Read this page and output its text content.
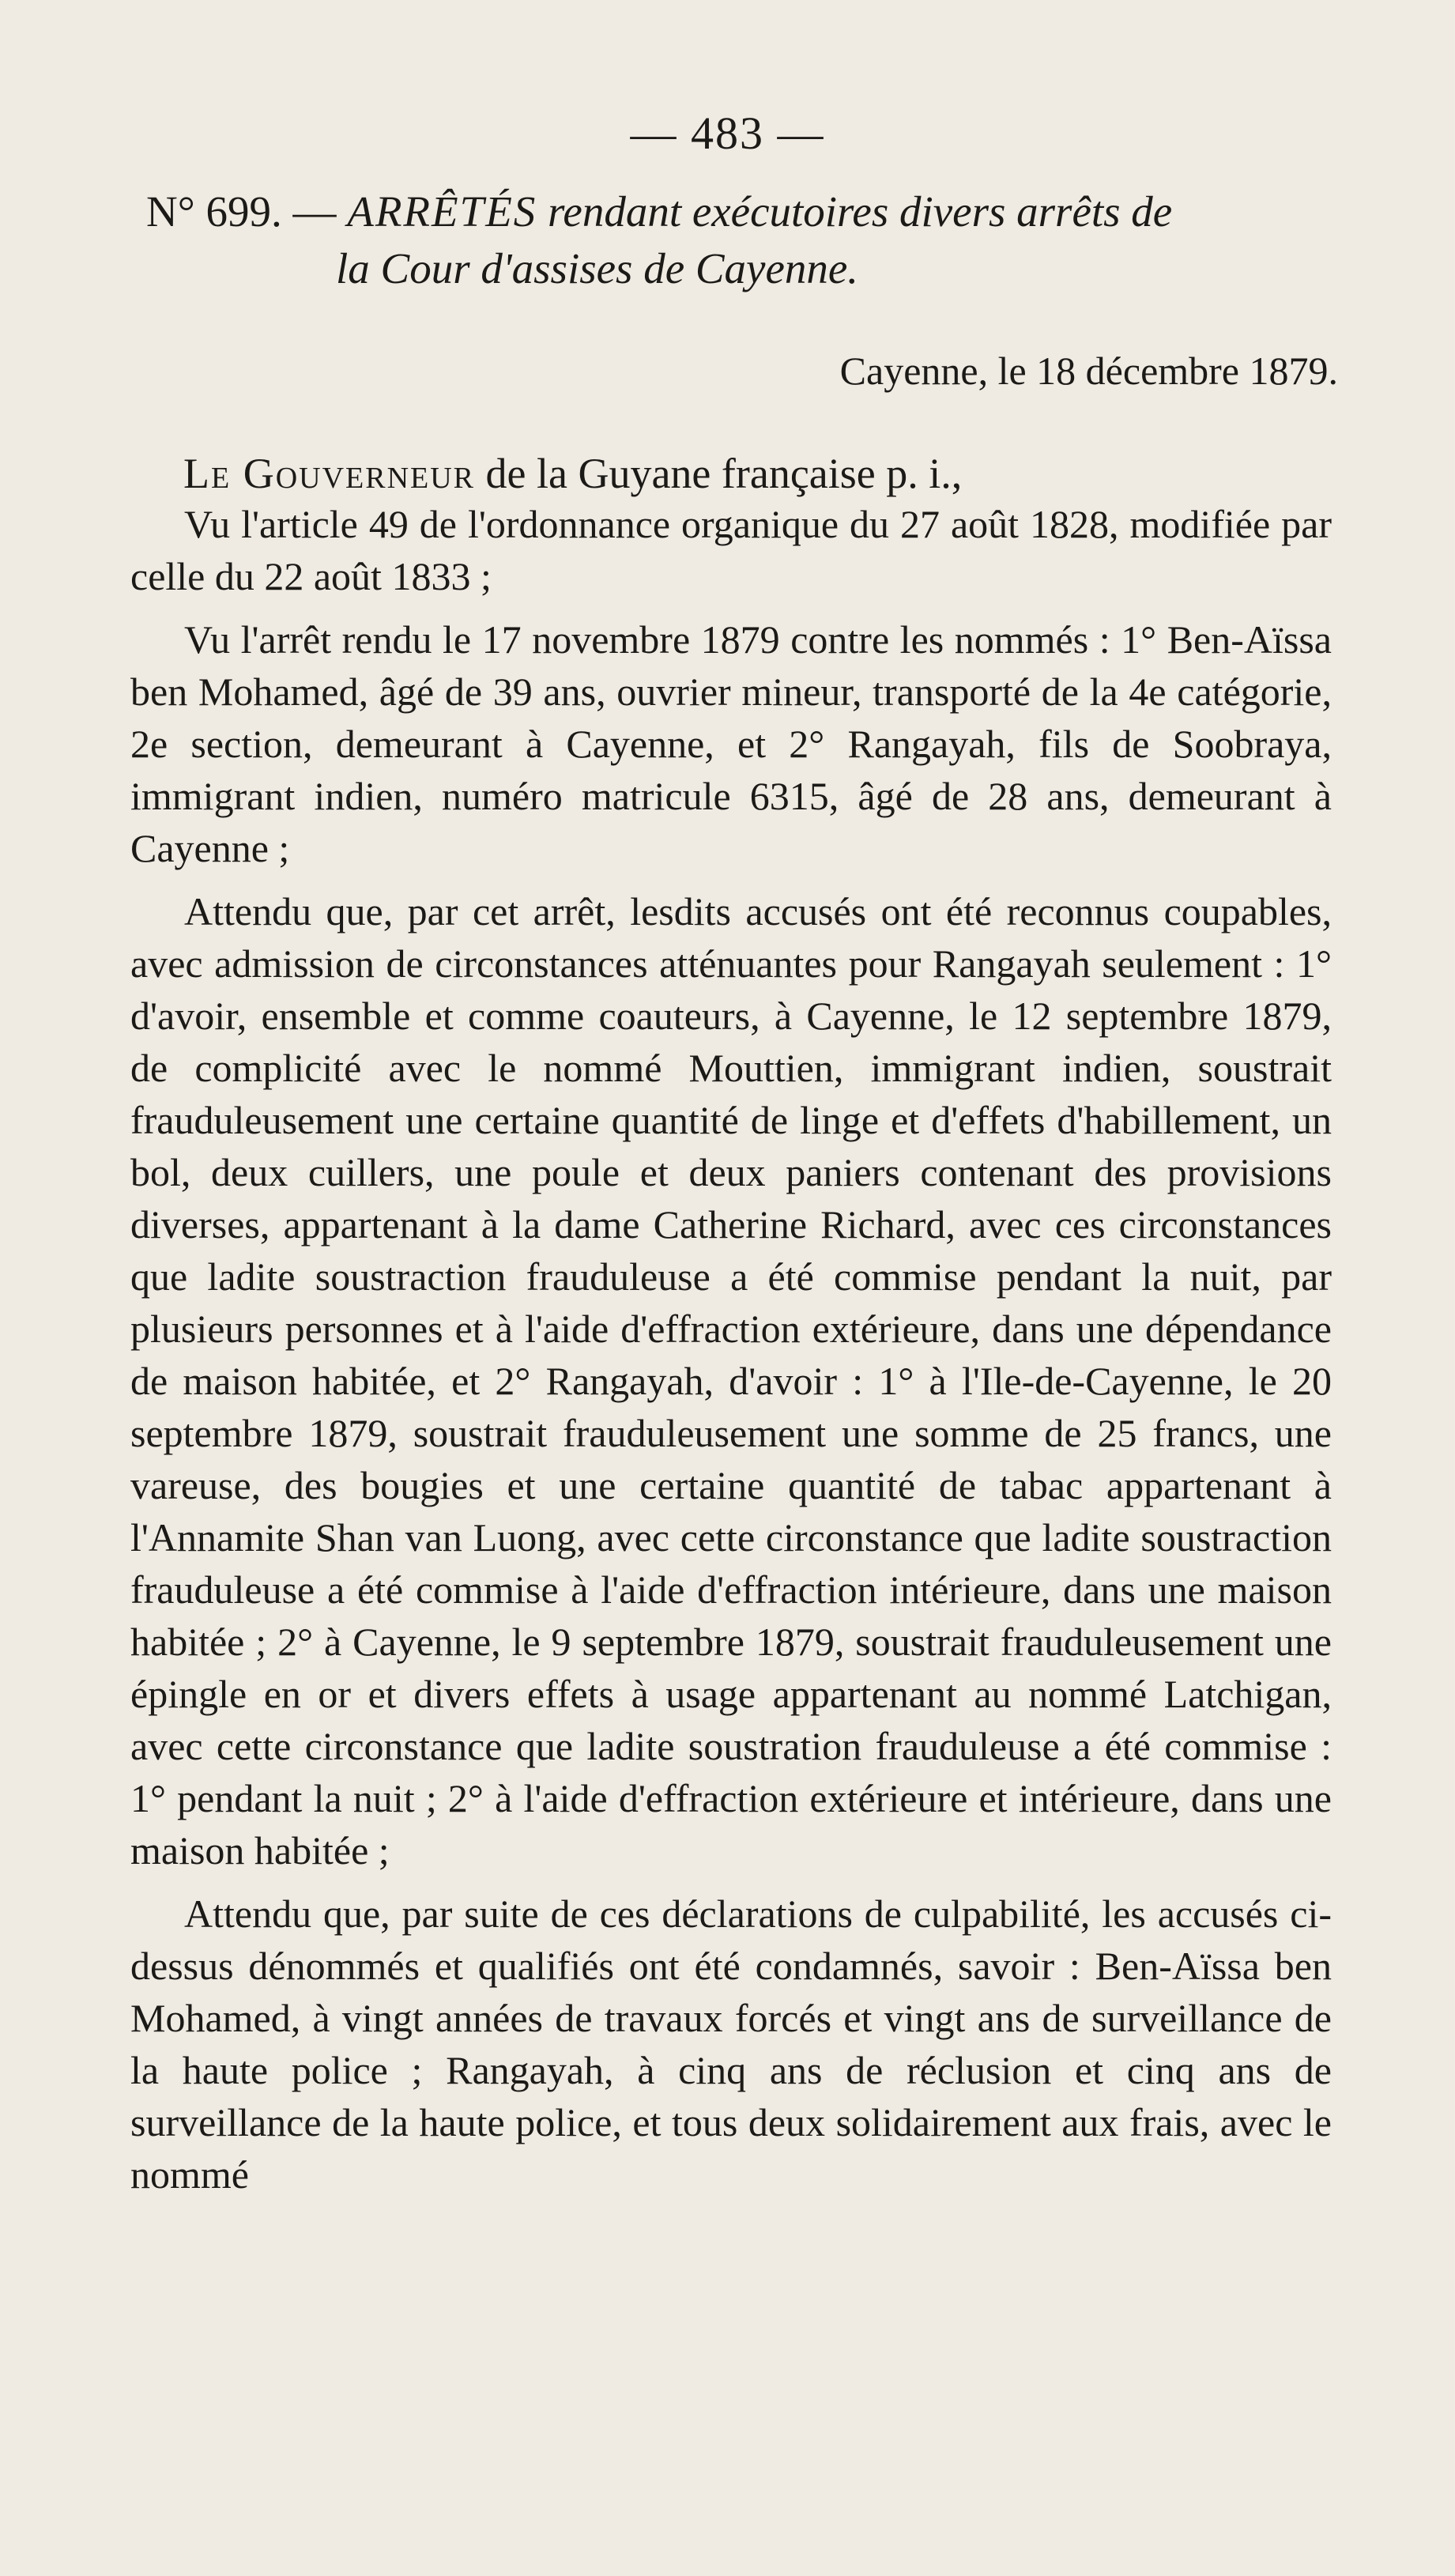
— 483 —
N° 699. — ARRÊTÉS rendant exécutoires divers arrêts de
la Cour d'assises de Cayenne.
Cayenne, le 18 décembre 1879.
Le Gouverneur de la Guyane française p. i.,

Vu l'article 49 de l'ordonnance organique du 27 août 1828, modifiée par celle du 22 août 1833 ;

Vu l'arrêt rendu le 17 novembre 1879 contre les nommés : 1° Ben-Aïssa ben Mohamed, âgé de 39 ans, ouvrier mineur, transporté de la 4e catégorie, 2e section, demeurant à Cayenne, et 2° Rangayah, fils de Soobraya, immigrant indien, numéro matricule 6315, âgé de 28 ans, demeurant à Cayenne ;

Attendu que, par cet arrêt, lesdits accusés ont été reconnus coupables, avec admission de circonstances atténuantes pour Rangayah seulement : 1° d'avoir, ensemble et comme coauteurs, à Cayenne, le 12 septembre 1879, de complicité avec le nommé Mouttien, immigrant indien, soustrait frauduleusement une certaine quantité de linge et d'effets d'habillement, un bol, deux cuillers, une poule et deux paniers contenant des provisions diverses, appartenant à la dame Catherine Richard, avec ces circonstances que ladite soustraction frauduleuse a été commise pendant la nuit, par plusieurs personnes et à l'aide d'effraction extérieure, dans une dépendance de maison habitée, et 2° Rangayah, d'avoir : 1° à l'Ile-de-Cayenne, le 20 septembre 1879, soustrait frauduleusement une somme de 25 francs, une vareuse, des bougies et une certaine quantité de tabac appartenant à l'Annamite Shan van Luong, avec cette circonstance que ladite soustraction frauduleuse a été commise à l'aide d'effraction intérieure, dans une maison habitée ; 2° à Cayenne, le 9 septembre 1879, soustrait frauduleusement une épingle en or et divers effets à usage appartenant au nommé Latchigan, avec cette circonstance que ladite soustration frauduleuse a été commise : 1° pendant la nuit ; 2° à l'aide d'effraction extérieure et intérieure, dans une maison habitée ;

Attendu que, par suite de ces déclarations de culpabilité, les accusés ci-dessus dénommés et qualifiés ont été condamnés, savoir : Ben-Aïssa ben Mohamed, à vingt années de travaux forcés et vingt ans de surveillance de la haute police ; Rangayah, à cinq ans de réclusion et cinq ans de surveillance de la haute police, et tous deux solidairement aux frais, avec le nommé
